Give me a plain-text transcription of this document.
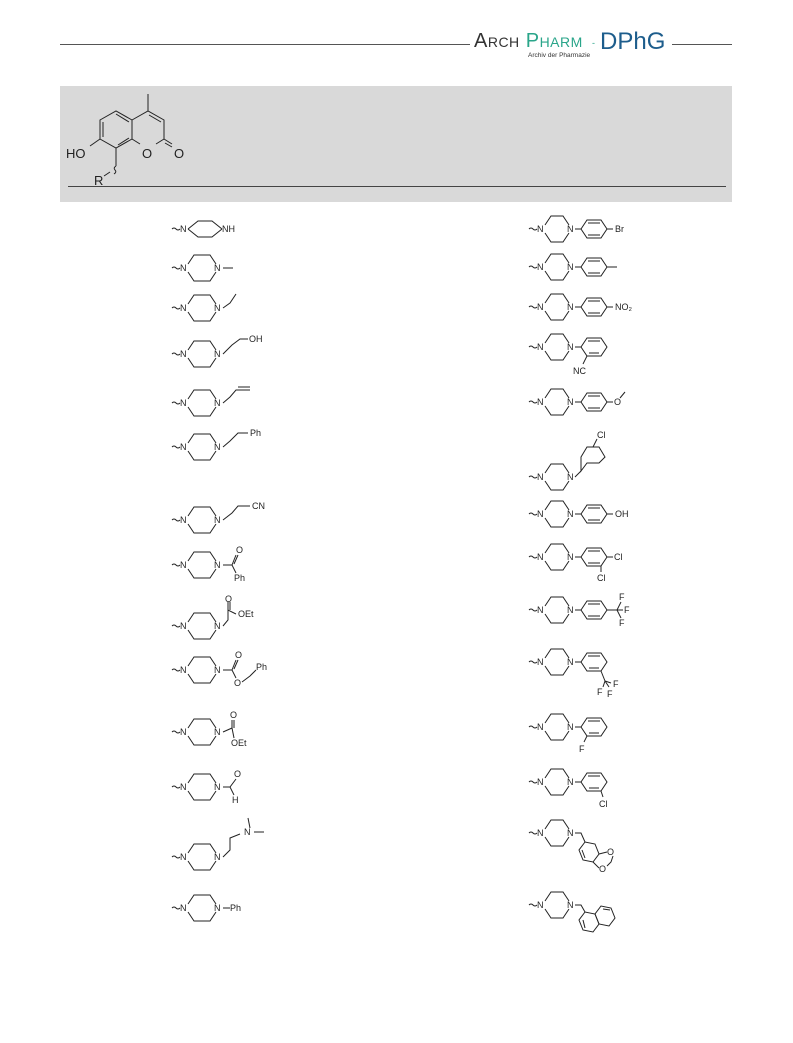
Arch Pharm - DPhG
Archiv der Pharmazie
HO	O O
R
N	NH
N	N
N	N
N	N
OH
N	N
N	N
Ph
N	N
CN
N	N
O
Ph
N	N
O
OEt
N	N
O
O
Ph
N	N
O
OEt
N	N
O
H
N	N
N
N	N Ph
N	N	Br
N	N
N	N	NO₂
N	N
NC
N	N	O
N	N
Cl
N	N	OH
N	N	Cl
Cl
F
F
F
N	N
F
F F
N	N
N	N
F
N	N
Cl
N	N
O
O
N	N
